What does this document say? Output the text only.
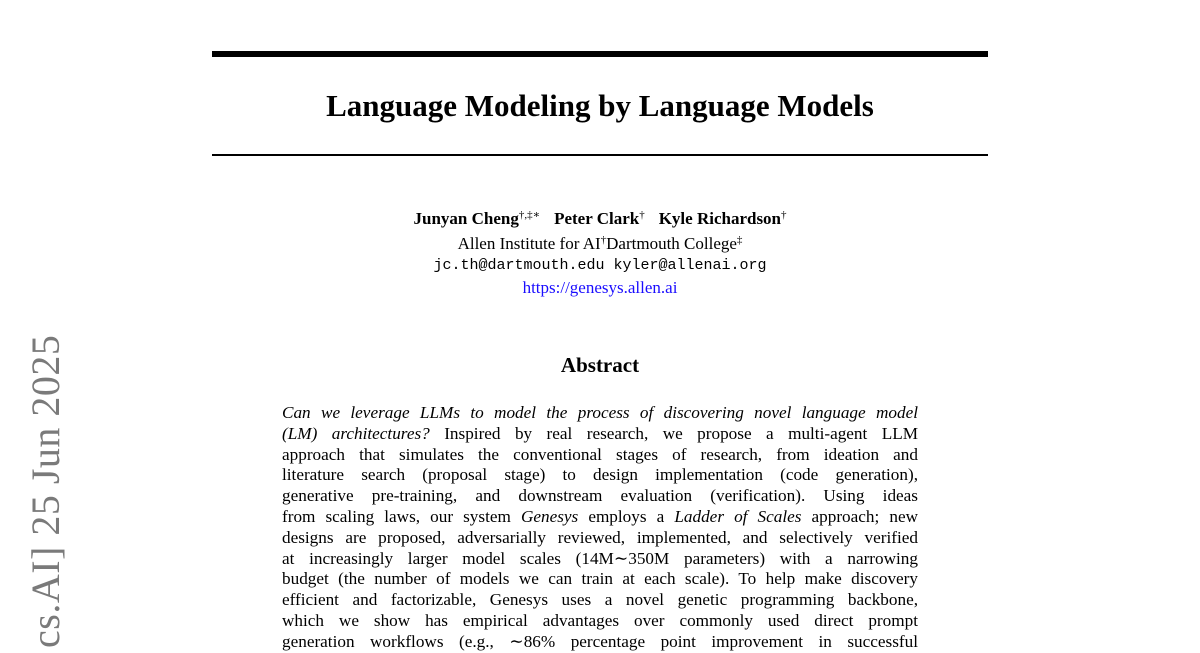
cs.AI] 25 Jun 2025
Language Modeling by Language Models
Junyan Cheng†,‡∗ Peter Clark† Kyle Richardson†
Allen Institute for AI†Dartmouth College‡
jc.th@dartmouth.edu kyler@allenai.org
https://genesys.allen.ai
Abstract
Can we leverage LLMs to model the process of discovering novel language model
(LM) architectures? Inspired by real research, we propose a multi-agent LLM
approach that simulates the conventional stages of research, from ideation and
literature search (proposal stage) to design implementation (code generation),
generative pre-training, and downstream evaluation (verification). Using ideas
from scaling laws, our system Genesys employs a Ladder of Scales approach; new
designs are proposed, adversarially reviewed, implemented, and selectively verified
at increasingly larger model scales (14M∼350M parameters) with a narrowing
budget (the number of models we can train at each scale). To help make discovery
efficient and factorizable, Genesys uses a novel genetic programming backbone,
which we show has empirical advantages over commonly used direct prompt
generation workflows (e.g., ∼86% percentage point improvement in successful
